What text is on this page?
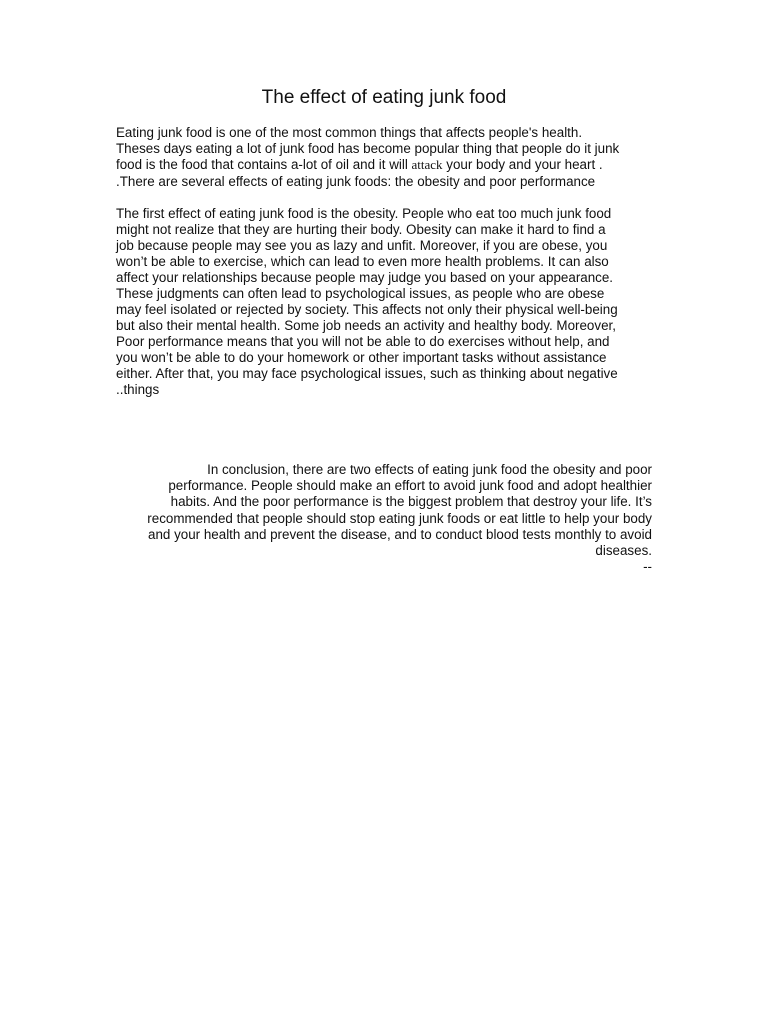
The effect of eating junk food
Eating junk food is one of the most common things that affects people's health.
Theses days eating a lot of junk food has become popular thing that people do it junk
food is the food that contains a-lot of oil and it will attack your body and your heart .
.There are several effects of eating junk foods: the obesity and poor performance
The first effect of eating junk food is the obesity. People who eat too much junk food
might not realize that they are hurting their body. Obesity can make it hard to find a
job because people may see you as lazy and unfit. Moreover, if you are obese, you
won’t be able to exercise, which can lead to even more health problems. It can also
affect your relationships because people may judge you based on your appearance.
These judgments can often lead to psychological issues, as people who are obese
may feel isolated or rejected by society. This affects not only their physical well-being
but also their mental health. Some job needs an activity and healthy body. Moreover,
Poor performance means that you will not be able to do exercises without help, and
you won’t be able to do your homework or other important tasks without assistance
either. After that, you may face psychological issues, such as thinking about negative
..things
In conclusion, there are two effects of eating junk food the obesity and poor
performance. People should make an effort to avoid junk food and adopt healthier
habits. And the poor performance is the biggest problem that destroy your life. It’s
recommended that people should stop eating junk foods or eat little to help your body
and your health and prevent the disease, and to conduct blood tests monthly to avoid
diseases.
--
